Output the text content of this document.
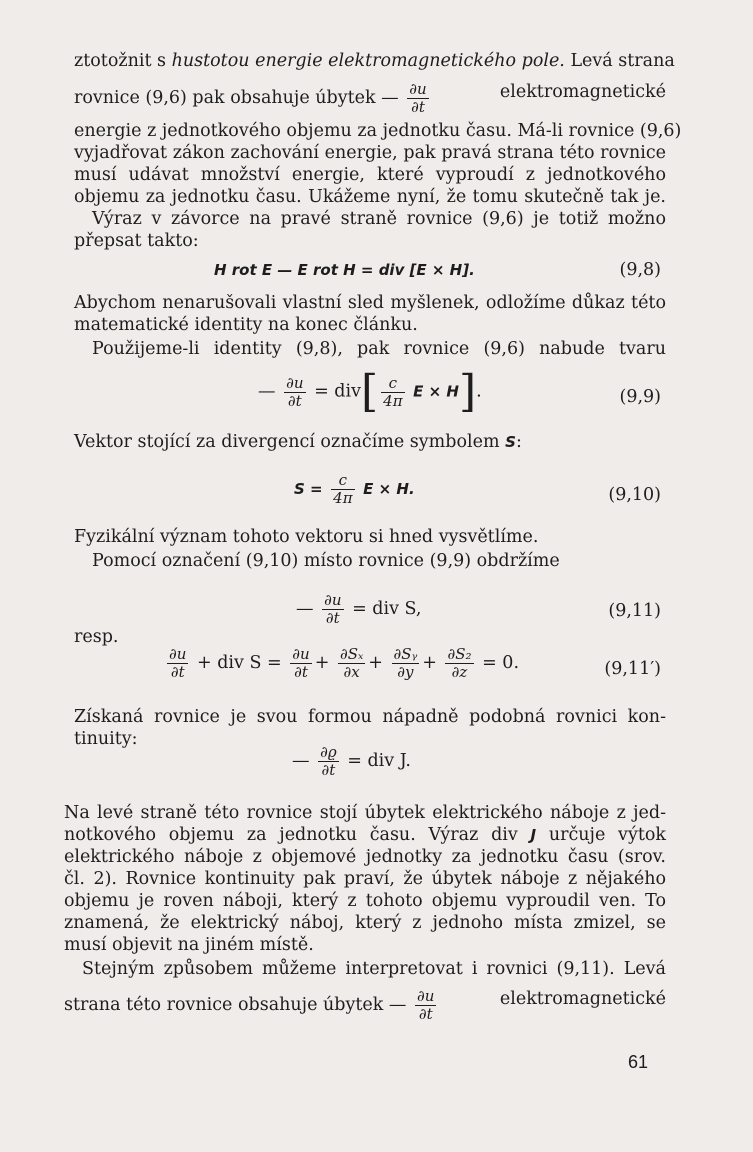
ztotožnit s hustotou energie elektromagnetického pole. Levá strana
rovnice (9,6) pak obsahuje úbytek — $\frac{\partial u}{\partial t}$	elektromagnetické
energie z jednotkového objemu za jednotku času. Má-li rovnice (9,6)
vyjadřovat zákon zachování energie, pak pravá strana této rovnice
musí udávat množství energie, které vyproudí z jednotkového
objemu za jednotku času. Ukážeme nyní, že tomu skutečně tak je.
Výraz v závorce na pravé straně rovnice (9,6) je totiž možno
přepsat takto:
H rot E — E rot H = div [E × H].	(9,8)
Abychom nenarušovali vlastní sled myšlenek, odložíme důkaz této
matematické identity na konec článku.
Použijeme-li identity (9,8), pak rovnice (9,6) nabude tvaru
— $\frac{\partial u}{\partial t} = div[ \frac{c}{4\pi}$ E × H].	(9,9)
Vektor stojící za divergencí označíme symbolem S:
$S = \frac{c}{4\pi}$ E × H.	(9,10)
Fyzikální význam tohoto vektoru si hned vysvětlíme.
Pomocí označení (9,10) místo rovnice (9,9) obdržíme
— $\frac{\partial u}{\partial t}$ = div S,	(9,11)
resp.
$\frac{\partial u}{\partial t}$ + div $S = \frac{\partial u}{\partial t} + \frac{\text{∂Sₓ}}{\partial x} + \frac{\text{∂Sᵧ}}{\partial y} + \frac{\text{∂S₂}}{\partial z} = 0$.	(9,11′)
Získaná rovnice je svou formou nápadně podobná rovnici kon-
tinuity:
— $\frac{\partial ϱ}{\partial t}$ = div J.
Na levé straně této rovnice stojí úbytek elektrického náboje z jed-
notkového objemu za jednotku času. Výraz div J určuje výtok
elektrického náboje z objemové jednotky za jednotku času (srov.
čl. 2). Rovnice kontinuity pak praví, že úbytek náboje z nějakého
objemu je roven náboji, který z tohoto objemu vyproudil ven. To
znamená, že elektrický náboj, který z jednoho místa zmizel, se
musí objevit na jiném místě.
Stejným způsobem můžeme interpretovat i rovnici (9,11). Levá
strana této rovnice obsahuje úbytek — $\frac{\partial u}{\partial t}$	elektromagnetické
61
